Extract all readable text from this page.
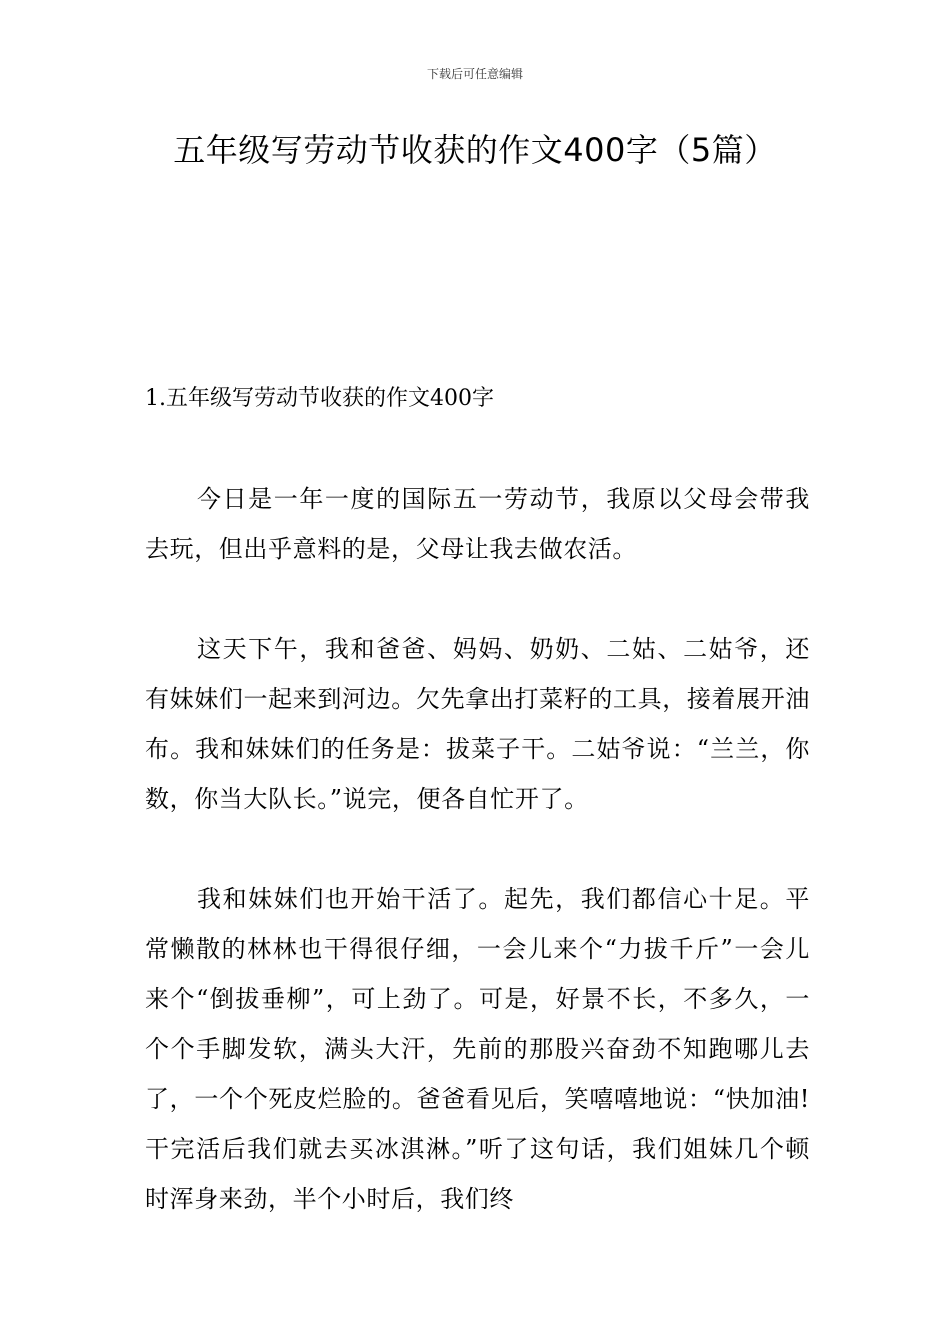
下载后可任意编辑
五年级写劳动节收获的作文400字（5篇）
1.五年级写劳动节收获的作文400字

今日是一年一度的国际五一劳动节，我原以父母会带我去玩，但出乎意料的是，父母让我去做农活。

这天下午，我和爸爸、妈妈、奶奶、二姑、二姑爷，还有妹妹们一起来到河边。欠先拿出打菜籽的工具，接着展开油布。我和妹妹们的任务是：拔菜子干。二姑爷说：“兰兰，你数，你当大队长。”说完，便各自忙开了。

我和妹妹们也开始干活了。起先，我们都信心十足。平常懒散的林林也干得很仔细，一会儿来个“力拔千斤”一会儿来个“倒拔垂柳”，可上劲了。可是，好景不长，不多久，一个个手脚发软，满头大汗，先前的那股兴奋劲不知跑哪儿去了，一个个死皮烂脸的。爸爸看见后，笑嘻嘻地说：“快加油!干完活后我们就去买冰淇淋。”听了这句话，我们姐妹几个顿时浑身来劲，半个小时后，我们终
